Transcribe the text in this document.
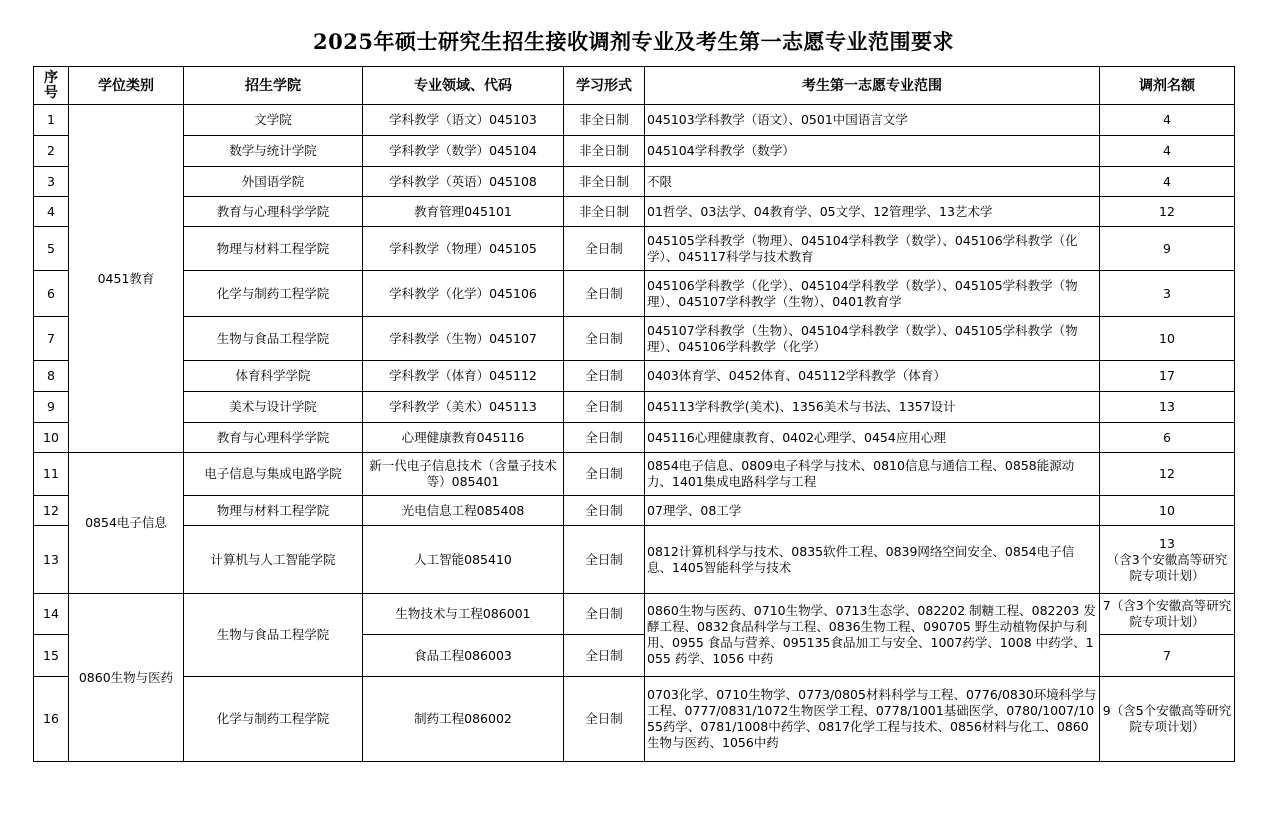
2025年硕士研究生招生接收调剂专业及考生第一志愿专业范围要求
序号	学位类别	招生学院	专业领域、代码	学习形式	考生第一志愿专业范围	调剂名额
1	0451教育	文学院	学科教学（语文）045103	非全日制	045103学科教学（语文）、0501中国语言文学	4
2		数学与统计学院	学科教学（数学）045104	非全日制	045104学科教学（数学）	4
3		外国语学院	学科教学（英语）045108	非全日制	不限	4
4		教育与心理科学学院	教育管理045101	非全日制	01哲学、03法学、04教育学、05文学、12管理学、13艺术学	12
5		物理与材料工程学院	学科教学（物理）045105	全日制	045105学科教学（物理）、045104学科教学（数学）、045106学科教学（化学）、045117科学与技术教育	9
6		化学与制药工程学院	学科教学（化学）045106	全日制	045106学科教学（化学）、045104学科教学（数学）、045105学科教学（物理）、045107学科教学（生物）、0401教育学	3
7		生物与食品工程学院	学科教学（生物）045107	全日制	045107学科教学（生物）、045104学科教学（数学）、045105学科教学（物理）、045106学科教学（化学）	10
8		体育科学学院	学科教学（体育）045112	全日制	0403体育学、0452体育、045112学科教学（体育）	17
9		美术与设计学院	学科教学（美术）045113	全日制	045113学科教学(美术)、1356美术与书法、1357设计	13
10		教育与心理科学学院	心理健康教育045116	全日制	045116心理健康教育、0402心理学、0454应用心理	6
11	0854电子信息	电子信息与集成电路学院	新一代电子信息技术（含量子技术等）085401	全日制	0854电子信息、0809电子科学与技术、0810信息与通信工程、0858能源动力、1401集成电路科学与工程	12
12		物理与材料工程学院	光电信息工程085408	全日制	07理学、08工学	10
13		计算机与人工智能学院	人工智能085410	全日制	0812计算机科学与技术、0835软件工程、0839网络空间安全、0854电子信息、1405智能科学与技术	13
（含3个安徽高等研究院专项计划）

14	0860生物与医药	生物与食品工程学院	生物技术与工程086001	全日制	0860生物与医药、0710生物学、0713生态学、082202 制糖工程、082203 发酵工程、0832食品科学与工程、0836生物工程、090705 野生动植物保护与利用、0955 食品与营养、095135食品加工与安全、1007药学、1008 中药学、1055 药学、1056 中药	7（含3个安徽高等研究院专项计划）
15			食品工程086003	全日制		7
16		化学与制药工程学院	制药工程086002	全日制	0703化学、0710生物学、0773/0805材料科学与工程、0776/0830环境科学与工程、0777/0831/1072生物医学工程、0778/1001基础医学、0780/1007/1055药学、0781/1008中药学、0817化学工程与技术、0856材料与化工、0860生物与医药、1056中药	9（含5个安徽高等研究院专项计划）
